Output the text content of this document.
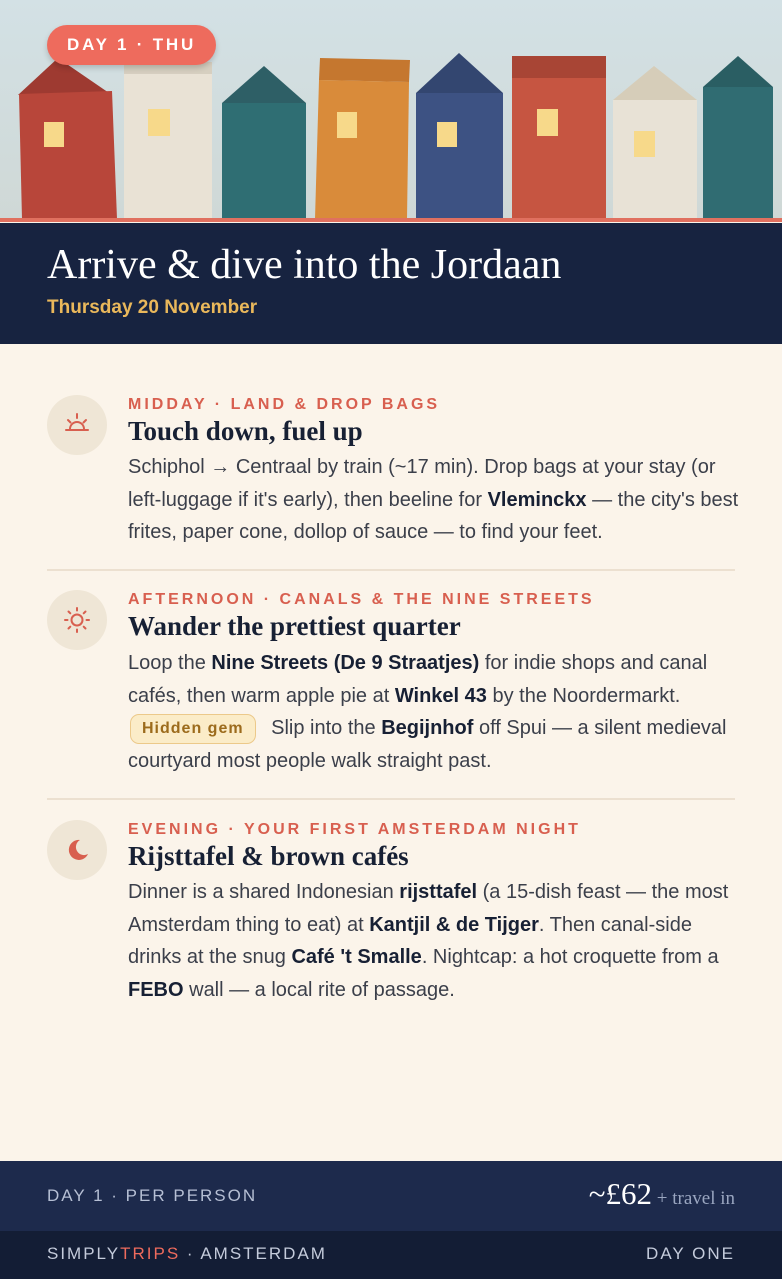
DAY 1 · THU
Arrive & dive into the Jordaan
Thursday 20 November
MIDDAY · LAND & DROP BAGS
Touch down, fuel up
Schiphol → Centraal by train (~17 min). Drop bags at your stay (or left-luggage if it's early), then beeline for Vleminckx — the city's best frites, paper cone, dollop of sauce — to find your feet.
AFTERNOON · CANALS & THE NINE STREETS
Wander the prettiest quarter
Loop the Nine Streets (De 9 Straatjes) for indie shops and canal cafés, then warm apple pie at Winkel 43 by the Noordermarkt. Hidden gem Slip into the Begijnhof off Spui — a silent medieval courtyard most people walk straight past.
EVENING · YOUR FIRST AMSTERDAM NIGHT
Rijsttafel & brown cafés
Dinner is a shared Indonesian rijsttafel (a 15-dish feast — the most Amsterdam thing to eat) at Kantjil & de Tijger. Then canal-side drinks at the snug Café 't Smalle. Nightcap: a hot croquette from a FEBO wall — a local rite of passage.
DAY 1 · PER PERSON	~£62 + travel in
SIMPLYTRIPS · AMSTERDAM	DAY ONE
